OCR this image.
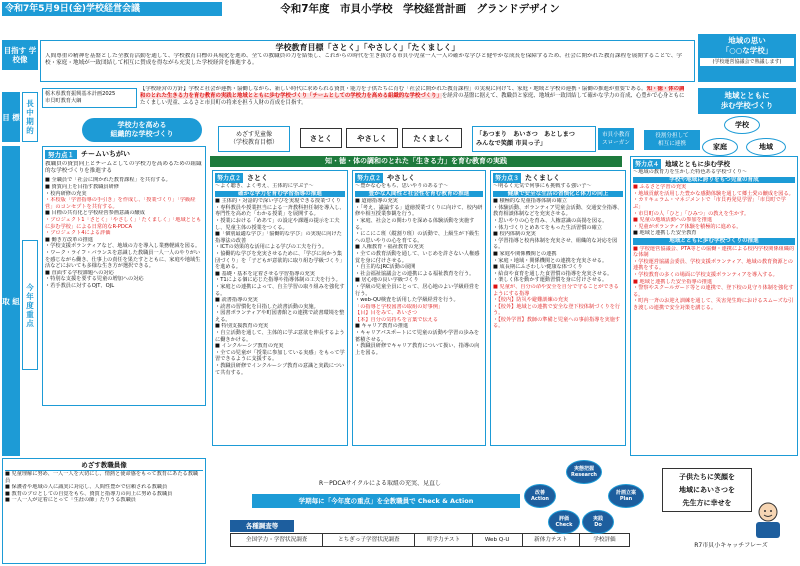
令和7年5月9日(金)学校経営会議	令和7年度　市貝小学校　学校経営計画　グランドデザイン
目指す 学校像
目 標
長 中 期 的
取 組
今 年 度 重 点
学校教育目標「さとく」「やさしく」「たくましく」
人間尊重の精神を基盤とした全教育活動を通して、学校教育目標の具現化を進め、全ての教職員の力を結集し、これからの時代を生き抜ける市貝小児童一人一人の確かな学びと健やかな成長を保障するため、社会に開かれた教育課程を展開することで、学校・家庭・地域が一致団結して相互に賛成を得ながら充実した学校経営を推進する。
地域の思い
「○○な学校」
(学校運営協議会で熟議します)
栃木県教育振興基本計画2025
市貝町教育大綱
【学校経営の方針】学校と社会が連携・協働しながら、新しい時代に求められる資質・能力を子供たちに育む「社会に開かれた教育課程」の実現に向けて、家庭・地域と学校の連携・協働の推進が重要である。知・徳・体の調和のとれた生きる力を育む教育の実践と地域とともに歩む学校づくり「チームとしての学校力を高める組織的な学校づくり」を経営の基盤に据えて、教職員と家庭、地域が一致団結して確かな学力の育成、心豊かで心身ともにたくましい児童、ふるさと市貝町の将来を担う人財の育成を目指す。
学校力を高める
組織的な学校づくり
地域とともに
歩む学校づくり
めざす児童像
（学校教育目標）	さとく	やさしく	たくましく	「あつまり　あいさつ　あとしまつ
みんなで笑顔 市貝っ子」
市貝小教育
スローガン
役割分担して
相互に連携
学校
家庭	地域
努力点１	チームいちがい
教職員の資質向上とチームとしての学校力を高めるための組織的な学校づくりを推進する
■ 全職員で「社会に開かれた教育課程」を共有する。
■ 資質向上を目指す教職員研修
・校内研修の充実
・本校版「学習指導の手引き」を作成し、「授業づくり」「学級経営」のコンセプトを共有する。
■ 目標の共有化と学校経営参画意識の醸成
・プロジェクト1「さとく」「やさしく」「たくましく」「地域とともに歩む学校」による日常的なR-PDCA
・プロジェクト4による評価
■ 働き方改革の推進
・学校支援ボランティアなど、地域の力を導入し業務軽減を図る。
・ワーク・ライフ・バランスを意識した教職員一人一人のやりがいを感じながら働き、仕事上の責任を果たすとともに、家庭や地域生活などにおいても多様な生き方が選択できる。
■ 直面する学校課題への対応
・特別な支援を要する児童の増加への対応
・若手教員に対するOJT、OJL
知・徳・体の調和のとれた「生きる力」を育む教育の実践
努力点２ さとく
〜よく聴き、よく考え、主体的に学ぶ子〜
確かな学力を育む学習指導の推進
■ 主体的・対話的で深い学びを実現できる授業づくり
・専科教員や授業担当による一斉教科担任制を導入し、専門性を高めた「わかる授業」を展開する。
・授業における「めあて」の設定や課題の提示を工夫し、児童主体の授業をつくる。
■「個別最適な学び」「協働的な学び」の実現に向けた指導法の改善
・ICTの効果的な活用による学びの工夫を行う。
・協働的な学びを充実させるために、「学びに向かう集団づくり」を「子どもが意欲的に取り組む学級づくり」を進める。
■ 基礎・基本を定着させる学習指導の充実
・T1による個に応じた指導や指導体制の工夫を行う。
・家庭との連携によって、自主学習の取り組みを強化する。
■ 読書指導の充実
・読書の習慣化を目指した読書活動の実施。
・図書ボランティアや町図書館との連携で読書環境を整える。
■ 特別支援教育の充実
・自立活動を通して、主体的に学ぶ意欲を伸長するように働きかける。
■ インクルーシブ教育の充実
・全ての児童が「授業に参加している実感」をもって学習できるように支援する。
・教職員研修でインクルーシブ教育の意識と実践について共有する。
努力点２ やさしく
〜豊かな心をもち、思いやりのある子〜
豊かな人間性と社会性を育む教育の推進
■ 道徳指導の充実
・「考え、議論する」道徳授業づくりに向けて、校内研修や相互授業参観を行う。
・家庭、社会との関わりを深める体験活動を実施する。
・にこにこ班（縦割り班）の活動で、上級生が下級生への思いやりの心を育てる。
■ 人権教育・福祉教育の充実
・全ての教育活動を通して、いじめを許さない人権感覚を身に付けさせる。
・自主的なJRC活動の展開
・社会福祉協議会との連携による福祉教育を行う。
■ 居心地の良い学級づくり
・学級の児童全員にとって、居心地のよい学級経営を行う。
・web-QU検査を活用した学級経営を行う。
「の指導と学校図書の取組の好事例」
【目】目をみて、あいさつ
【本】自分の気持ちを言葉で伝える
■ キャリア教育の推進
・キャリアパスポートにて児童の活動や学習の歩みを蓄積させる。
・教職員研修でキャリア教育について扱い、指導の向上を図る。
努力点３ たくましく
〜明るく元気で何事にも挑戦する強い子〜
健康で安全な生活の習慣化と体力の向上
■ 積極的な児童指導体制の確立
・体験活動、ボランティア児童会活動、交通安全指導、教育相談体制などを充実させる。
・思いやりの心を育み、人権意識の高揚を図る。
・体力づくりとめあてをもった生活習慣の確立
■ 校内体制の充実
・学習指導と校内体制を充実させ、組織的な対応を図る。
■ 家庭や関係機関との連携
・家庭・地域・関係機関との連携を充実させる。
■ 成長期にふさわしい健康な体づくり
・給食や食育を通した食習慣の指導を充実させる。
・楽しく体を動かす運動習慣を身に付けさせる。
■ 児童が、自分の命や安全を自分で守ることができるようにする指導
・【校内】防災や避難訓練の充実
・【校外】地域との連携で安全な登下校体制づくりを行う。
・【校外学習】教師の準備と児童への事前指導を実施する。
努力点４ 地域とともに歩む学校
〜地域の教育力を生かした特色ある学校づくり〜
学校や地域に誇りをもつ児童の育成
■ ふるさと学習の充実
・地域貢献を活用した豊かな感動体験を通して郷土愛の醸成を図る。
・カリキュラム・マネジメントで「市貝再発見学習」「市貝町で学ぶ」
・市貝町の人「ひと」「ひみつ」の教えを生かす。
■ 児童の地域活動への参加を推進
・児童がボランティア体験を積極的に進める。
■ 地域と連携した安全教育
地域とともに歩む学校づくりの推進
■ 学校運営協議会、PTA等との協働・連携による校内学校関係組織的な体制
・学校運営協議会委員、学校支援ボランティア、地域の教育資源との連携をする。
・学校教育の多くの場面に学校支援ボランティアを導入する。
■ 地域と連携した安全指導の推進
・警察やスクールガード等との連携で、登下校の見守り体制を強化する。
・町内一斉のお迎え訓練を通して、災害発生時におけるスムーズな引き渡しの連携で安全対策を講じる。
めざす教職員像
■ 児童理解に努め、一人一人を大切にし、情熱と使命感をもって教育にあたる教職員
■ 保護者や地域の人に誠実に対応し、人間性豊かで信頼される教職員
■ 教育のプロとしての自覚をもち、資質と指導力の向上に努める教職員
■ 一人一人が定着にとって「生涯の師」たりうる教職員
R－PDCAサイクルによる取組の充実、見直し
学期毎に「今年度の重点」を全教職員で Check & Action
各種調査等
全国学力・学習状況調査	とちぎっ子学習状況調査	町学力テスト	Web Q-U	新体力テスト	学校評価
実態把握
Research
計画立案
Plan
実践
Do
評価
Check
改善
Action
子供たちに笑顔を
地域にあいさつを
先生方に幸せを
R7市貝小キャッチフレーズ
